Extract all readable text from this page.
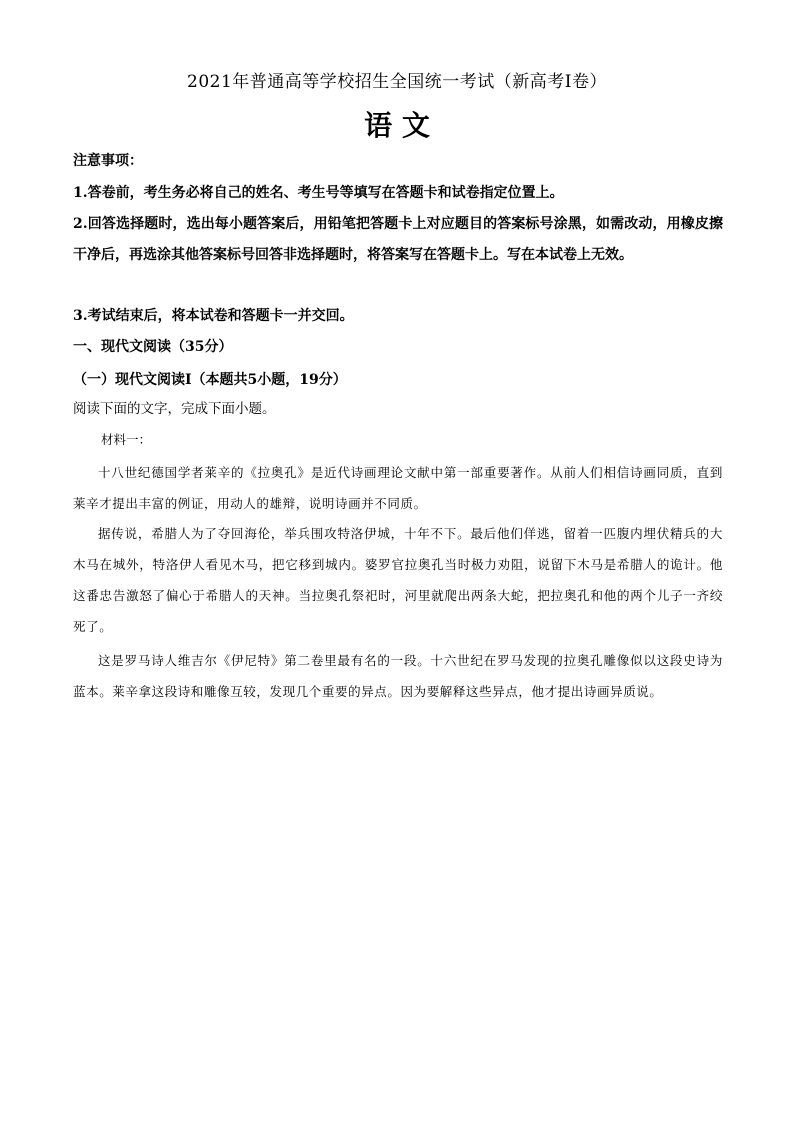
2021年普通高等学校招生全国统一考试（新高考Ⅰ卷）
语 文
注意事项：
1.答卷前，考生务必将自己的姓名、考生号等填写在答题卡和试卷指定位置上。
2.回答选择题时，选出每小题答案后，用铅笔把答题卡上对应题目的答案标号涂黑，如需改动，用橡皮擦干净后，再选涂其他答案标号回答非选择题时，将答案写在答题卡上。写在本试卷上无效。
3.考试结束后，将本试卷和答题卡一并交回。
一、现代文阅读（35分）
（一）现代文阅读Ⅰ（本题共5小题，19分）
阅读下面的文字，完成下面小题。
材料一：
十八世纪德国学者莱辛的《拉奥孔》是近代诗画理论文献中第一部重要著作。从前人们相信诗画同质，直到莱辛才提出丰富的例证，用动人的雄辩，说明诗画并不同质。
据传说，希腊人为了夺回海伦，举兵围攻特洛伊城，十年不下。最后他们佯逃，留着一匹腹内埋伏精兵的大木马在城外，特洛伊人看见木马，把它移到城内。婆罗官拉奥孔当时极力劝阻，说留下木马是希腊人的诡计。他这番忠告激怒了偏心于希腊人的天神。当拉奥孔祭祀时，河里就爬出两条大蛇，把拉奥孔和他的两个儿子一齐绞死了。
这是罗马诗人维吉尔《伊尼特》第二卷里最有名的一段。十六世纪在罗马发现的拉奥孔雕像似以这段史诗为蓝本。莱辛拿这段诗和雕像互较，发现几个重要的异点。因为要解释这些异点，他才提出诗画异质说。
